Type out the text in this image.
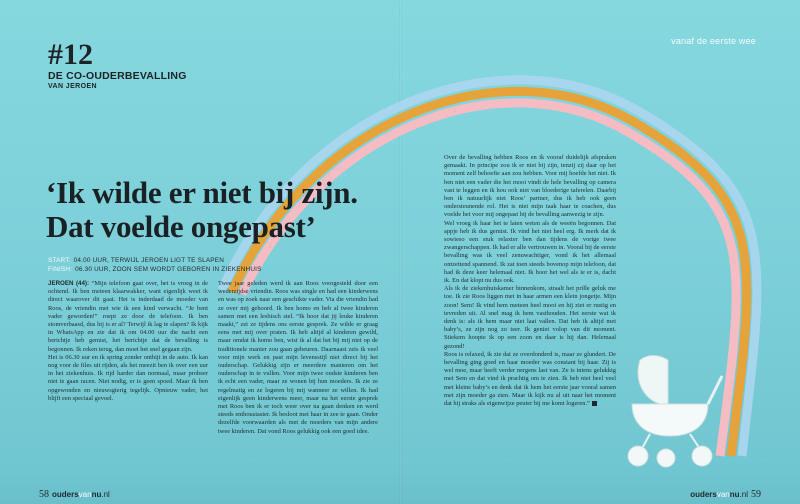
#12
DE CO-OUDERBEVALLING
VAN JEROEN
vanaf de eerste wee
‘Ik wilde er niet bij zijn.
Dat voelde ongepast’
START: 04.00 UUR, TERWIJL JEROEN LIGT TE SLAPEN
FINISH: 06.30 UUR, ZOON SEM WORDT GEBOREN IN ZIEKENHUIS

JEROEN (44): “Mijn telefoon gaat over, het is vroeg in de ochtend. Ik ben meteen klaarwakker, want eigenlijk weet ik direct waarover dit gaat. Het is inderdaad de moeder van Roos, de vriendin met wie ik een kind verwacht. “Je bent vader geworden!” roept ze door de telefoon. Ik ben stomverbaasd, dus hij is er al? Terwijl ik lag te slapen? Ik kijk in WhatsApp en zie dat ik om 04.00 uur die nacht een berichtje heb gemist, het berichtje dat de bevalling is begonnen. Ik reken terug, dan moet het snel gegaan zijn.
Het is 06.30 uur en ik spring zonder ontbijt in de auto. Ik kan nog voor de files uit rijden, als het meezit ben ik over een uur in het ziekenhuis. Ik rijd harder dan normaal, maar probeer niet te gaan racen. Niet nodig, er is geen spoed. Maar ik ben opgewonden en nieuwsgierig tegelijk. Opnieuw vader, het blijft een speciaal gevoel.

Twee jaar geleden werd ik aan Roos voorgesteld door een wederzijdse vriendin. Roos was single en had een kinderwens en was op zoek naar een geschikte vader. Via die vriendin had ze over mij gehoord. Ik ben homo en heb al twee kinderen samen met een lesbisch stel. “Ik hoor dat jij leuke kinderen maakt,” zei ze tijdens ons eerste gesprek. Ze wilde er graag eens met mij over praten. Ik heb altijd al kinderen gewild, maar omdat ik homo ben, wist ik al dat het bij mij niet op de traditionele manier zou gaan gebeuren. Daarnaast zeis ik veel voor mijn werk en past mijn levensstijl niet direct bij het ouderschap. Gelukkig zijn er meerdere manieren om het ouderschap in te vullen. Voor mijn twee oudste kinderen ben ik echt een vader, maar ze wonen bij hun moeders. Ik zie ze regelmatig en ze logeren bij mij wanneer ze willen. Ik had eigenlijk geen kinderwens meer, maar na het eerste gesprek met Roos ben ik er toch weer over na gaan denken en werd steeds enthousiaster. Ik besloot met haar in zee te gaan. Onder dezelfde voorwaarden als met de moeders van mijn andere twee kinderen. Dat vond Roos gelukkig ook een goed idee.

Over de bevalling hebben Roos en ik vooraf duidelijk afspraken gemaakt. In principe zou ik er niet bij zijn, tenzij zij daar op het moment zelf behoefte aan zou hebben. Voor mij hoefde het niet. Ik ben niet een vader die het mooi vindt de hele bevalling op camera vast te leggen en ik hou ook niet van bloederige taferelen. Daarbij ben ik natuurlijk niet Roos’ partner, dus ik heb ook geen ondersteunende rol. Het is niet mijn taak haar te coachen, dus voelde het voor mij ongepast bij de bevalling aanwezig te zijn.
Wel vroeg ik haar het te laten weten als de weeën begonnen. Dat appje heb ik dus gemist. Ik vind het niet heel erg. Ik merk dat ik sowieso een stuk relaxter ben dan tijdens de vorige twee zwangerschappen. Ik had er alle vertrouwen in. Vooral bij de eerste bevalling was ik veel zenuwachtiger, vond ik het allemaal ontzettend spannend. Ik zat toen steeds bovenop mijn telefoon, dat had ik deze keer helemaal niet. Ik hoor het wel als ie er is, dacht ik. En dat klopt nu dus ook.
Als ik de ziekenhuiskamer binnenkom, straalt het prille geluk me toe. Ik zie Roos liggen met in haar armen een klein jongetje. Mijn zoon! Sem! Ik vind hem meteen heel mooi en hij ziet er rustig en tevreden uit. Al snel mag ik hem vasthouden. Het eerste wat ik denk is: als ik hem maar niet laat vallen. Dat heb ik altijd met baby’s, ze zijn nog zo teer. Ik geniet volop van dit moment. Stiekem hoopte ik op een zoon en daar is hij dan. Helemaal gezond!
Roos is relaxed, ik zie dat ze overdonderd is, maar ze glundert. De bevalling ging goed en haar moeder was constant bij haar. Zij is wel moe, maar heeft verder nergens last van. Ze is intens gelukkig met Sem en dat vind ik prachtig om te zien. Ik heb niet heel veel met kleine baby’s en denk dat ik hem het eerste jaar vooral samen met zijn moeder ga zien. Maar ik kijk nu al uit naar het moment dat hij straks als eigenwijze peuter bij me komt logeren.”

58 oudersvannu.nl	oudersvannu.nl 59
